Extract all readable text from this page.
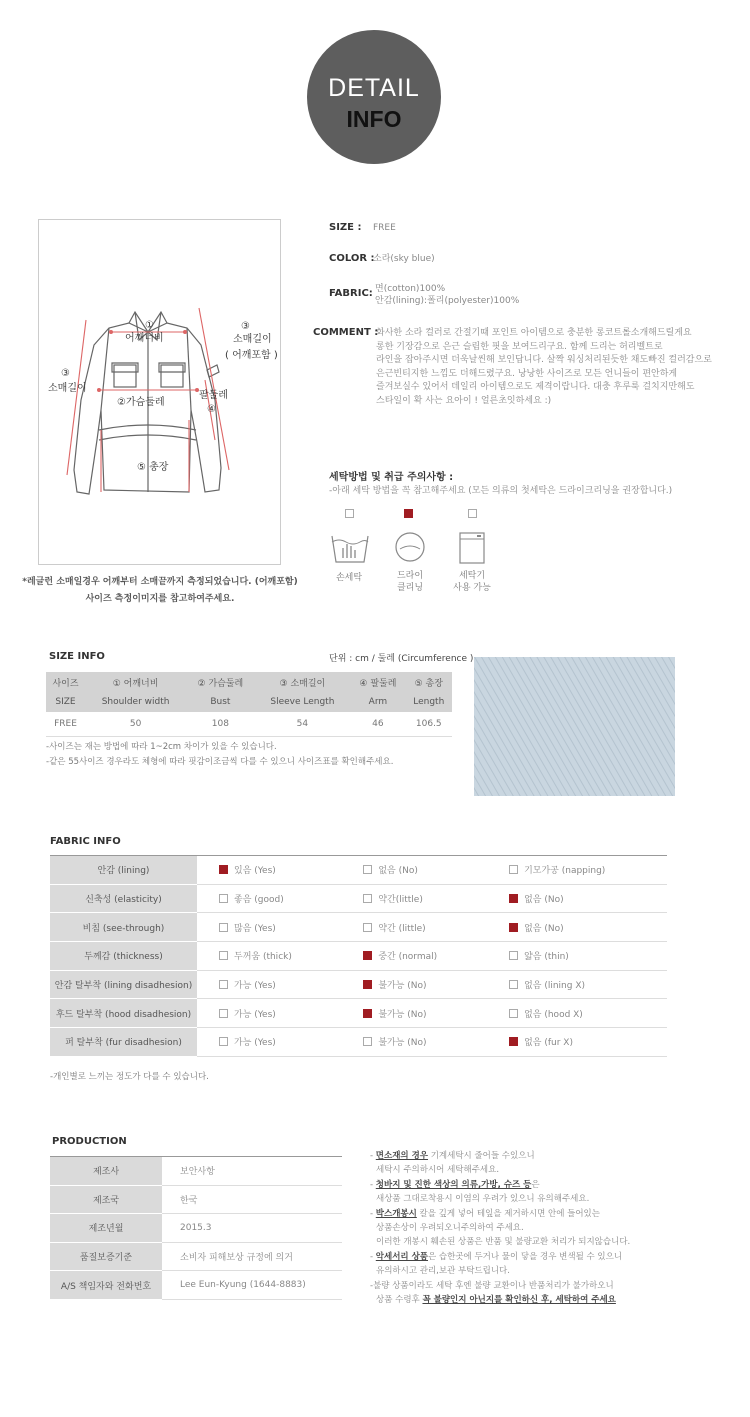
DETAIL
INFO
①
어깨너비
③
소매길이
( 어깨포함 )
③
소매길이
②가슴둘레
팔둘레
④
⑤ 총장
*레글런 소매일경우 어깨부터 소매끝까지 측정되었습니다. (어깨포함)
사이즈 측정이미지를 참고하여주세요.
SIZE : FREE
COLOR :
소라(sky blue)
FABRIC: 면(cotton)100%
안감(lining):폴리(polyester)100%
COMMENT :
화사한 소라 컬러로 간절기때 포인트 아이템으로 충분한 롱코트롤소개해드릴게요
롱한 기장감으로 은근 슬림한 핏을 보여드리구요. 함께 드리는 허리벨트로
라인을 잡아주시면 더욱날씬해 보인답니다. 살짝 워싱처리된듯한 채도빠진 컬러감으로
은근빈티지한 느낌도 더해드렸구요. 낭낭한 사이즈로 모든 언니들이 편안하게
즐겨보실수 있어서 데일리 아이템으로도 제격이랍니다. 대충 후루룩 걸치지만해도
스타일이 확 사는 요아이 ! 얼른초잇하세요 :)
세탁방법 및 취급 주의사항 :
-아래 세탁 방법을 꼭 참고해주세요 (모든 의류의 첫세탁은 드라이크리닝을 권장합니다.)
손세탁	드라이
클리닝
세탁기
사용 가능
SIZE INFO	단위 : cm / 둘레 (Circumference )
사이즈	① 어깨너비	② 가슴둘레	③ 소매길이	④ 팔둘레	⑤ 총장
SIZE	Shoulder width	Bust	Sleeve Length	Arm	Length
FREE	50	108	54	46	106.5
-사이즈는 재는 방법에 따라 1~2cm 차이가 있을 수 있습니다.
-같은 55사이즈 경우라도 체형에 따라 핏감이조금씩 다를 수 있으니 사이즈표를 확인해주세요.
FABRIC INFO
안감 (lining)	있음 (Yes)	없음 (No)	기모가공 (napping)
신축성 (elasticity)	좋음 (good)	약간(little)	없음 (No)
비침 (see-through)	많음 (Yes)	약간 (little)	없음 (No)
두께감 (thickness)	두꺼움 (thick)	중간 (normal)	얇음 (thin)
안감 탈부착 (lining disadhesion)	가능 (Yes)	불가능 (No)	없음 (lining X)
후드 탈부착 (hood disadhesion)	가능 (Yes)	불가능 (No)	없음 (hood X)
퍼 탈부착 (fur disadhesion)	가능 (Yes)	불가능 (No)	없음 (fur X)
-개인별로 느끼는 정도가 다를 수 있습니다.
PRODUCTION
제조사	보안사항
제조국	한국
제조년월	2015.3
품질보증기준	소비자 피해보상 규정에 의거
A/S 책임자와 전화번호	Lee Eun-Kyung (1644-8883)
- 면소재의 경우 기계세탁시 줄어들 수있으니
세탁시 주의하시어 세탁해주세요.
- 청바지 및 진한 색상의 의류,가방, 슈즈 등은
새상품 그대로착용시 이염의 우려가 있으니 유의해주세요.
- 박스개봉시 칼을 깊게 넣어 테잎을 제거하시면 안에 들어있는
상품손상이 우려되오니주의하여 주세요.
이러한 개봉시 훼손된 상품은 반품 및 불량교환 처리가 되지않습니다.
- 악세서리 상품은 습한곳에 두거나 물이 닿을 경우 변색될 수 있으니
유의하시고 관리,보관 부탁드립니다.
-불량 상품이라도 세탁 후엔 불량 교환이나 반품처리가 불가하오니
상품 수령후 꼭 불량인지 아닌지를 확인하신 후, 세탁하여 주세요
